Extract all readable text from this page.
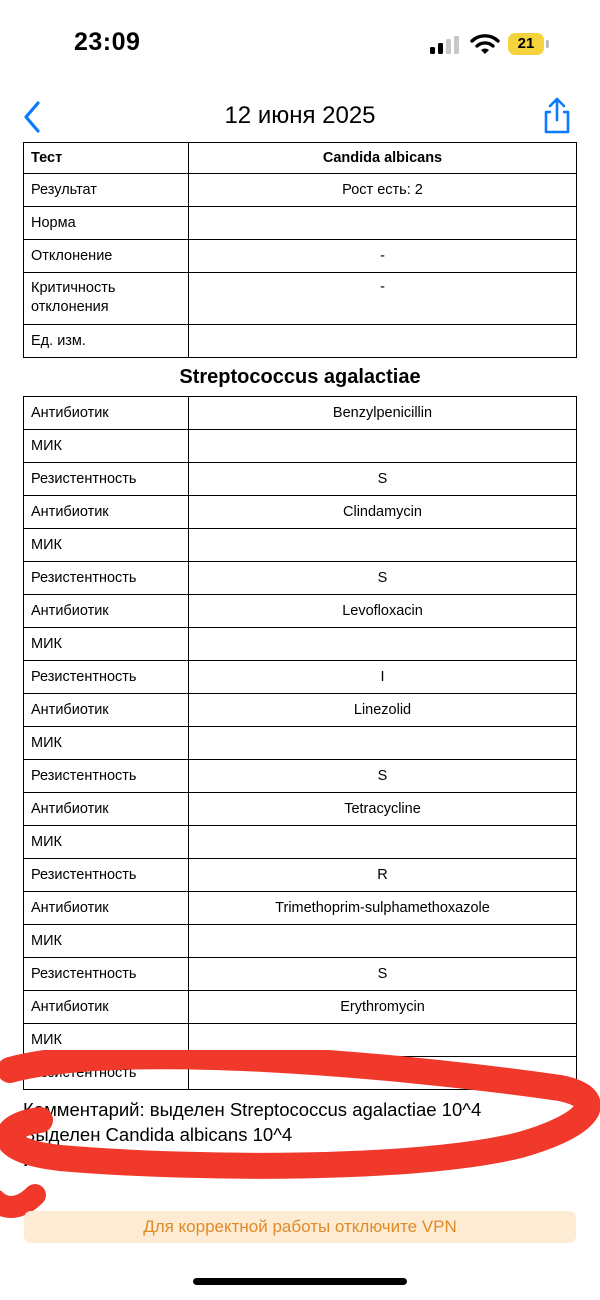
23:09	21
12 июня 2025
Тест	Candida albicans
Результат	Рост есть: 2
Норма	
Отклонение	-
Критичность отклонения	-
Ед. изм.	
Streptococcus agalactiae
Антибиотик	Benzylpenicillin
МИК	
Резистентность	S
Антибиотик	Clindamycin
МИК	
Резистентность	S
Антибиотик	Levofloxacin
МИК	
Резистентность	I
Антибиотик	Linezolid
МИК	
Резистентность	S
Антибиотик	Tetracycline
МИК	
Резистентность	R
Антибиотик	Trimethoprim-sulphamethoxazole
МИК	
Резистентность	S
Антибиотик	Erythromycin
МИК	
Резистентность	S
Комментарий: выделен Streptococcus agalactiae 10^4
Выделен Candida albicans 10^4
Исполнитель: Бодрова Н.Г.
Для корректной работы отключите VPN
